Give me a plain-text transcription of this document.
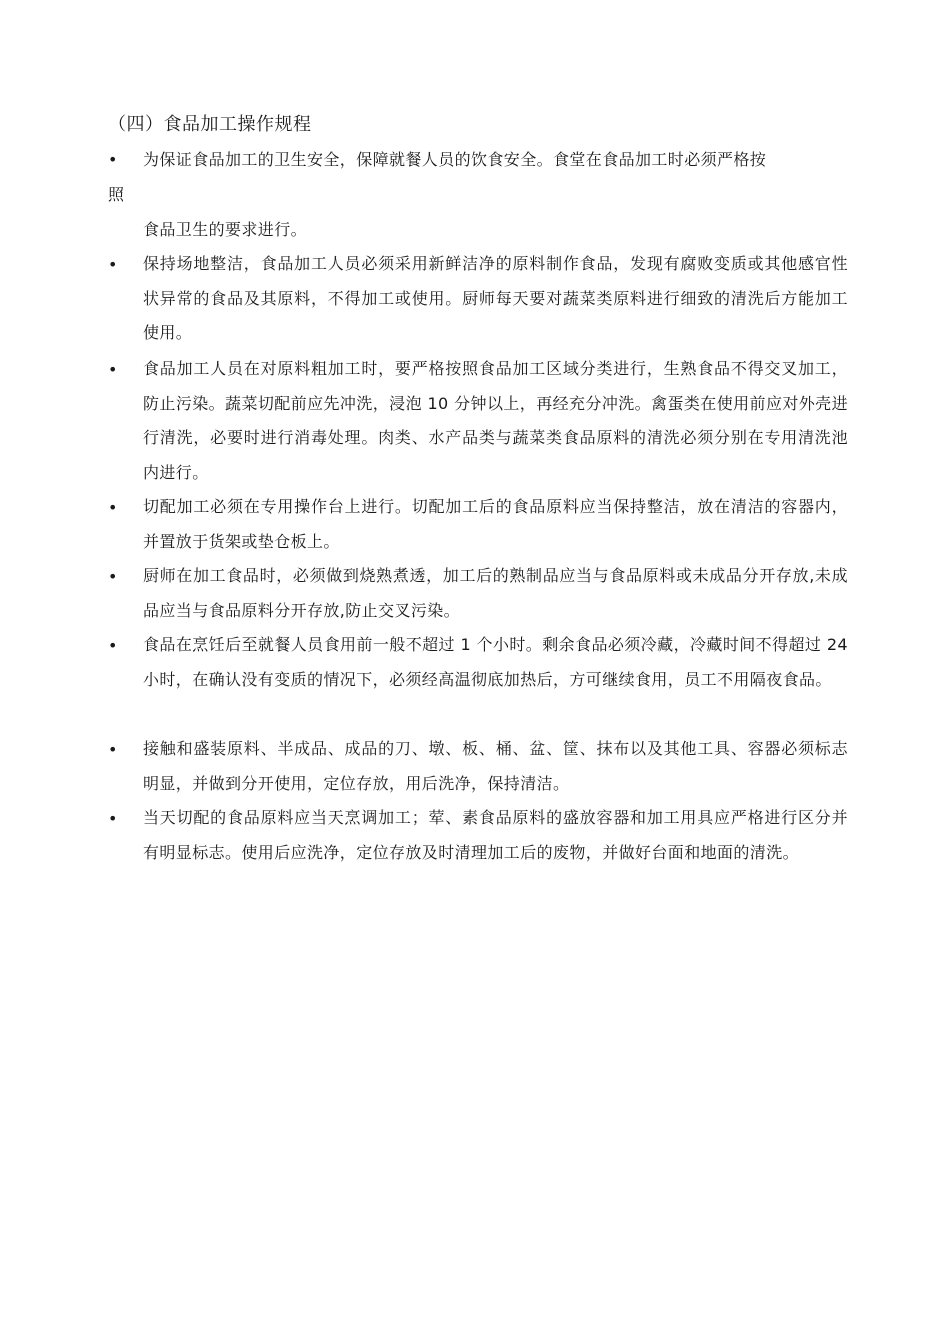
（四）食品加工操作规程
• 为保证食品加工的卫生安全，保障就餐人员的饮食安全。食堂在食品加工时必须严格按
照
食品卫生的要求进行。
• 保持场地整洁，食品加工人员必须采用新鲜洁净的原料制作食品，发现有腐败变质或其他感官性状异常的食品及其原料，不得加工或使用。厨师每天要对蔬菜类原料进行细致的清洗后方能加工使用。
• 食品加工人员在对原料粗加工时，要严格按照食品加工区域分类进行，生熟食品不得交叉加工，防止污染。蔬菜切配前应先冲洗，浸泡 10 分钟以上，再经充分冲洗。禽蛋类在使用前应对外壳进行清洗，必要时进行消毒处理。肉类、水产品类与蔬菜类食品原料的清洗必须分别在专用清洗池内进行。
• 切配加工必须在专用操作台上进行。切配加工后的食品原料应当保持整洁，放在清洁的容器内，并置放于货架或垫仓板上。
• 厨师在加工食品时，必须做到烧熟煮透，加工后的熟制品应当与食品原料或未成品分开存放,未成品应当与食品原料分开存放,防止交叉污染。
• 食品在烹饪后至就餐人员食用前一般不超过 1 个小时。剩余食品必须冷藏，冷藏时间不得超过 24 小时，在确认没有变质的情况下，必须经高温彻底加热后，方可继续食用，员工不用隔夜食品。
• 接触和盛装原料、半成品、成品的刀、墩、板、桶、盆、筐、抹布以及其他工具、容器必须标志明显，并做到分开使用，定位存放，用后洗净，保持清洁。
• 当天切配的食品原料应当天烹调加工；荤、素食品原料的盛放容器和加工用具应严格进行区分并有明显标志。使用后应洗净，定位存放及时清理加工后的废物，并做好台面和地面的清洗。
